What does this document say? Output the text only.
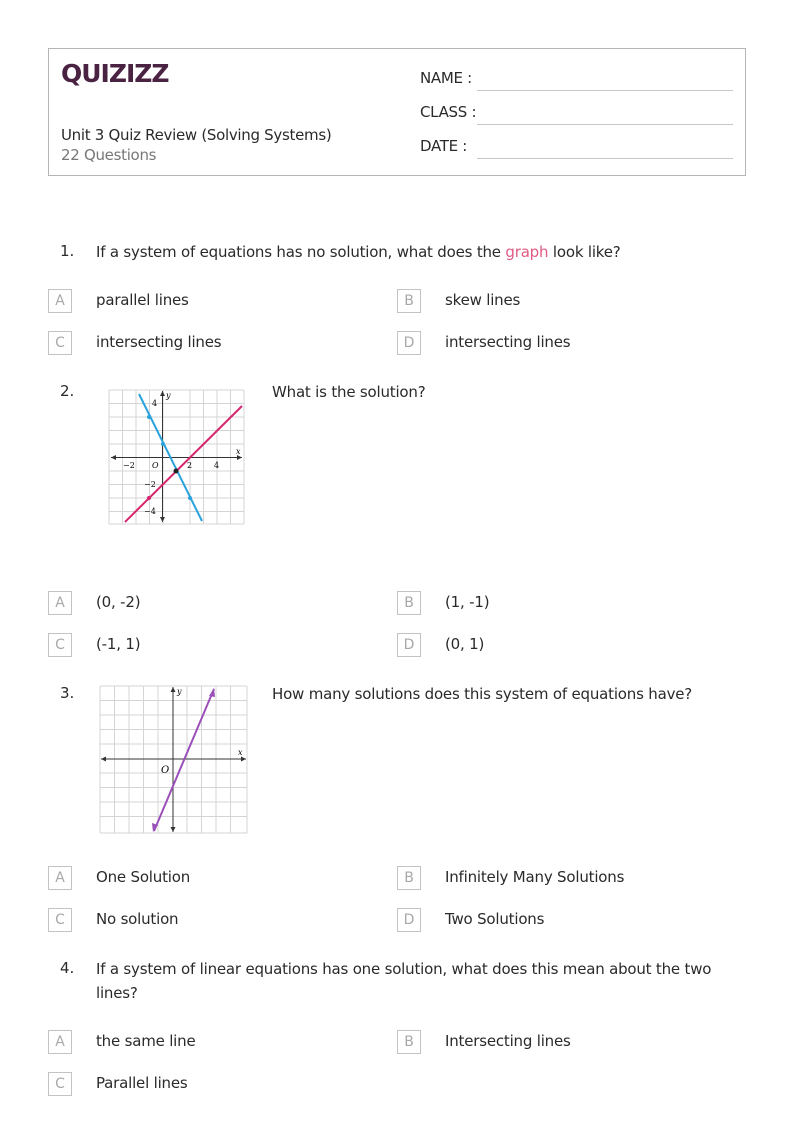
QUIZIZZ
Unit 3 Quiz Review (Solving Systems)
22 Questions
NAME :
CLASS :
DATE :
1. If a system of equations has no solution, what does the graph look like?
A	parallel lines	B	skew lines
C	intersecting lines	D	intersecting lines
2.
4
y
−2 O	2	4
x
−2
−4
What is the solution?
A	(0, -2)	B	(1, -1)
C	(-1, 1)	D	(0, 1)
3.	y
x
O
How many solutions does this system of equations have?
A	One Solution	B	Infinitely Many Solutions
C	No solution	D	Two Solutions
4. If a system of linear equations has one solution, what does this mean about the two
lines?
A	the same line	B	Intersecting lines
C	Parallel lines
